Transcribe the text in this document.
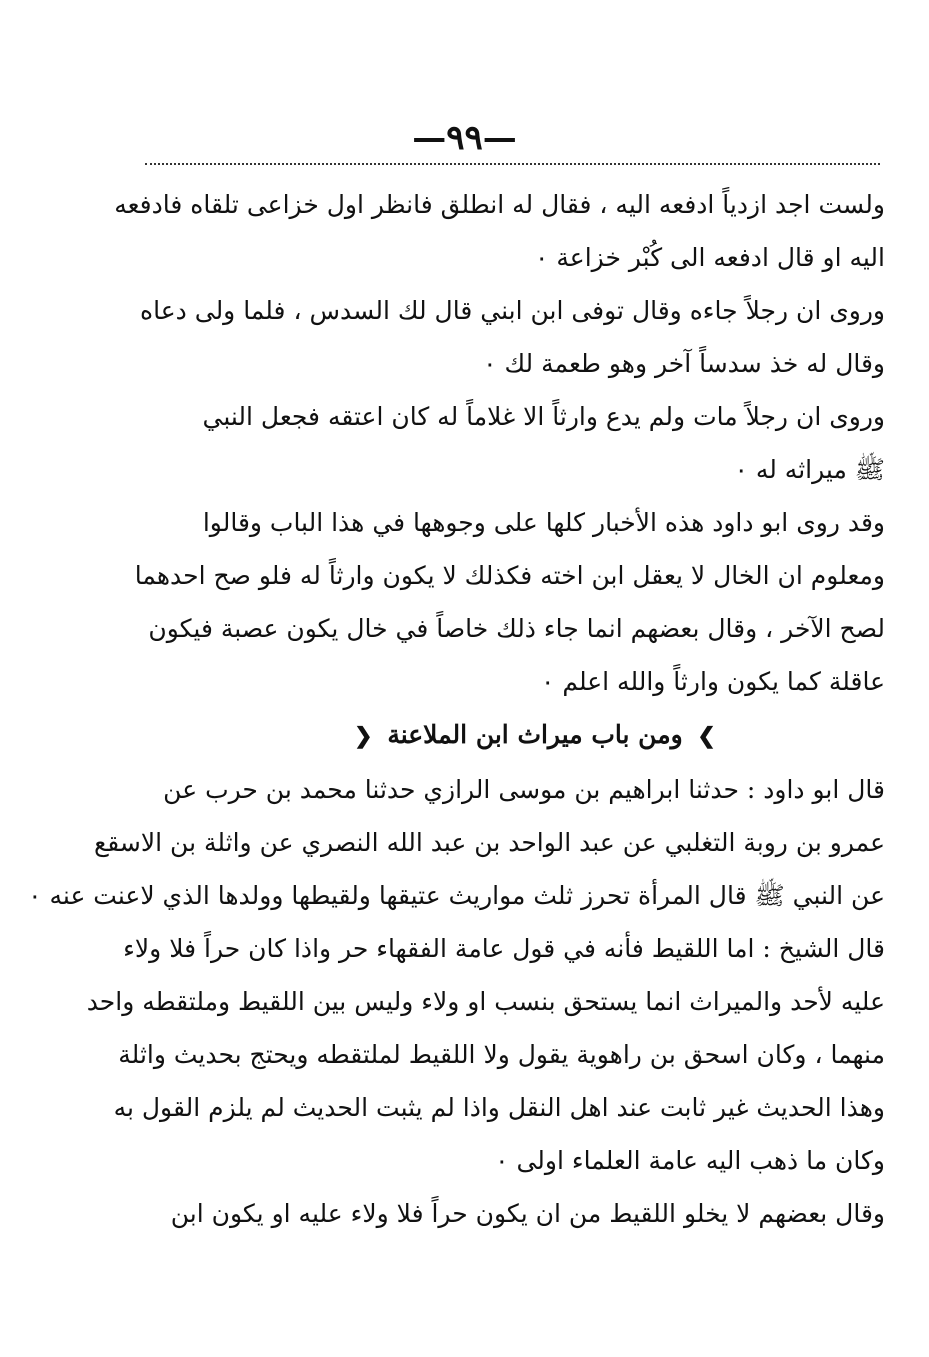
—٩٩—
ولست اجد ازدياً ادفعه اليه ، فقال له انطلق فانظر اول خزاعى تلقاه فادفعه
اليه او قال ادفعه الى كُبْر خزاعة ٠
وروى ان رجلاً جاءه وقال توفى ابن ابني قال لك السدس ، فلما ولى دعاه
وقال له خذ سدساً آخر وهو طعمة لك ٠
وروى ان رجلاً مات ولم يدع وارثاً الا غلاماً له كان اعتقه فجعل النبي
ﷺ ميراثه له ٠
وقد روى ابو داود هذه الأخبار كلها على وجوهها في هذا الباب وقالوا
ومعلوم ان الخال لا يعقل ابن اخته فكذلك لا يكون وارثاً له فلو صح احدهما
لصح الآخر ، وقال بعضهم انما جاء ذلك خاصاً في خال يكون عصبة فيكون
عاقلة كما يكون وارثاً والله اعلم ٠
❯ ومن باب ميراث ابن الملاعنة ❮
قال ابو داود : حدثنا ابراهيم بن موسى الرازي حدثنا محمد بن حرب عن
عمرو بن روبة التغلبي عن عبد الواحد بن عبد الله النصري عن واثلة بن الاسقع
عن النبي ﷺ قال المرأة تحرز ثلث مواريث عتيقها ولقيطها وولدها الذي لاعنت عنه ٠
قال الشيخ : اما اللقيط فأنه في قول عامة الفقهاء حر واذا كان حراً فلا ولاء
عليه لأحد والميراث انما يستحق بنسب او ولاء وليس بين اللقيط وملتقطه واحد
منهما ، وكان اسحق بن راهوية يقول ولا اللقيط لملتقطه ويحتج بحديث واثلة
وهذا الحديث غير ثابت عند اهل النقل واذا لم يثبت الحديث لم يلزم القول به
وكان ما ذهب اليه عامة العلماء اولى ٠
وقال بعضهم لا يخلو اللقيط من ان يكون حراً فلا ولاء عليه او يكون ابن
